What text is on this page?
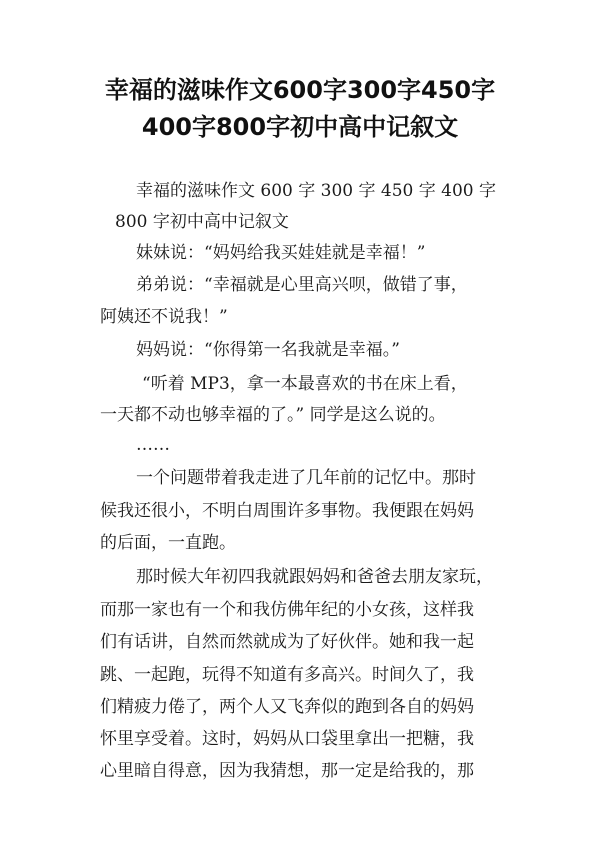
幸福的滋味作文600字300字450字
400字800字初中高中记叙文
幸福的滋味作文 600 字 300 字 450 字 400 字
800 字初中高中记叙文
妹妹说：“妈妈给我买娃娃就是幸福！”
弟弟说：“幸福就是心里高兴呗，做错了事，
阿姨还不说我！”
妈妈说：“你得第一名我就是幸福。”
“听着 MP3，拿一本最喜欢的书在床上看，
一天都不动也够幸福的了。” 同学是这么说的。
……
一个问题带着我走进了几年前的记忆中。那时
候我还很小，不明白周围许多事物。我便跟在妈妈
的后面，一直跑。
那时候大年初四我就跟妈妈和爸爸去朋友家玩，
而那一家也有一个和我仿佛年纪的小女孩，这样我
们有话讲，自然而然就成为了好伙伴。她和我一起
跳、一起跑，玩得不知道有多高兴。时间久了，我
们精疲力倦了，两个人又飞奔似的跑到各自的妈妈
怀里享受着。这时，妈妈从口袋里拿出一把糖，我
心里暗自得意，因为我猜想，那一定是给我的，那
